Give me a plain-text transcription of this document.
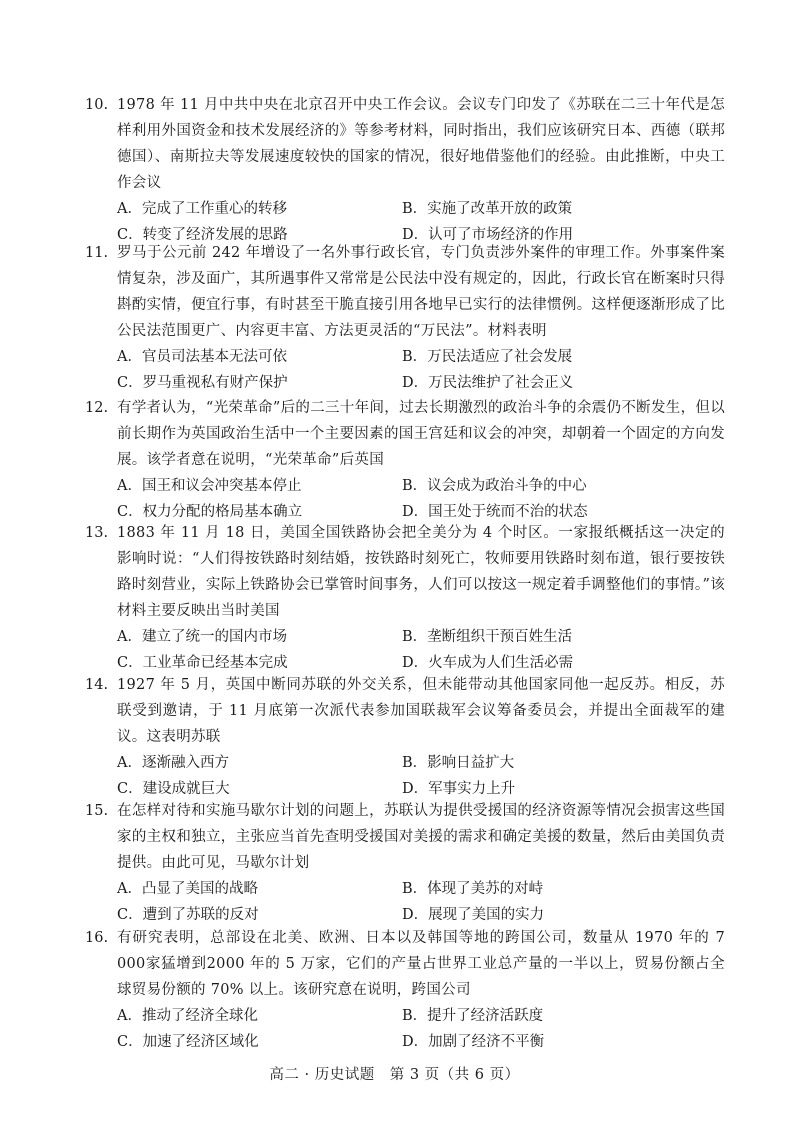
10. 1978 年 11 月中共中央在北京召开中央工作会议。会议专门印发了《苏联在二三十年代是怎样利用外国资金和技术发展经济的》等参考材料，同时指出，我们应该研究日本、西德（联邦德国）、南斯拉夫等发展速度较快的国家的情况，很好地借鉴他们的经验。由此推断，中央工作会议
A．完成了工作重心的转移	B．实施了改革开放的政策
C．转变了经济发展的思路	D．认可了市场经济的作用
11. 罗马于公元前 242 年增设了一名外事行政长官，专门负责涉外案件的审理工作。外事案件案情复杂，涉及面广，其所遇事件又常常是公民法中没有规定的，因此，行政长官在断案时只得斟酌实情，便宜行事，有时甚至干脆直接引用各地早已实行的法律惯例。这样便逐渐形成了比公民法范围更广、内容更丰富、方法更灵活的“万民法”。材料表明
A．官员司法基本无法可依	B．万民法适应了社会发展
C．罗马重视私有财产保护	D．万民法维护了社会正义
12. 有学者认为，“光荣革命”后的二三十年间，过去长期激烈的政治斗争的余震仍不断发生，但以前长期作为英国政治生活中一个主要因素的国王宫廷和议会的冲突，却朝着一个固定的方向发展。该学者意在说明，“光荣革命”后英国
A．国王和议会冲突基本停止	B．议会成为政治斗争的中心
C．权力分配的格局基本确立	D．国王处于统而不治的状态
13. 1883 年 11 月 18 日，美国全国铁路协会把全美分为 4 个时区。一家报纸概括这一决定的影响时说：“人们得按铁路时刻结婚，按铁路时刻死亡，牧师要用铁路时刻布道，银行要按铁路时刻营业，实际上铁路协会已掌管时间事务，人们可以按这一规定着手调整他们的事情。”该材料主要反映出当时美国
A．建立了统一的国内市场	B．垄断组织干预百姓生活
C．工业革命已经基本完成	D．火车成为人们生活必需
14. 1927 年 5 月，英国中断同苏联的外交关系，但未能带动其他国家同他一起反苏。相反，苏联受到邀请，于 11 月底第一次派代表参加国联裁军会议筹备委员会，并提出全面裁军的建议。这表明苏联
A．逐渐融入西方	B．影响日益扩大
C．建设成就巨大	D．军事实力上升
15. 在怎样对待和实施马歇尔计划的问题上，苏联认为提供受援国的经济资源等情况会损害这些国家的主权和独立，主张应当首先查明受援国对美援的需求和确定美援的数量，然后由美国负责提供。由此可见，马歇尔计划
A．凸显了美国的战略	B．体现了美苏的对峙
C．遭到了苏联的反对	D．展现了美国的实力
16. 有研究表明，总部设在北美、欧洲、日本以及韩国等地的跨国公司，数量从 1970 年的 7 000家猛增到2000 年的 5 万家，它们的产量占世界工业总产量的一半以上，贸易份额占全球贸易份额的 70% 以上。该研究意在说明，跨国公司
A．推动了经济全球化	B．提升了经济活跃度
C．加速了经济区域化	D．加剧了经济不平衡
高二 · 历史试题　第 3 页（共 6 页）
